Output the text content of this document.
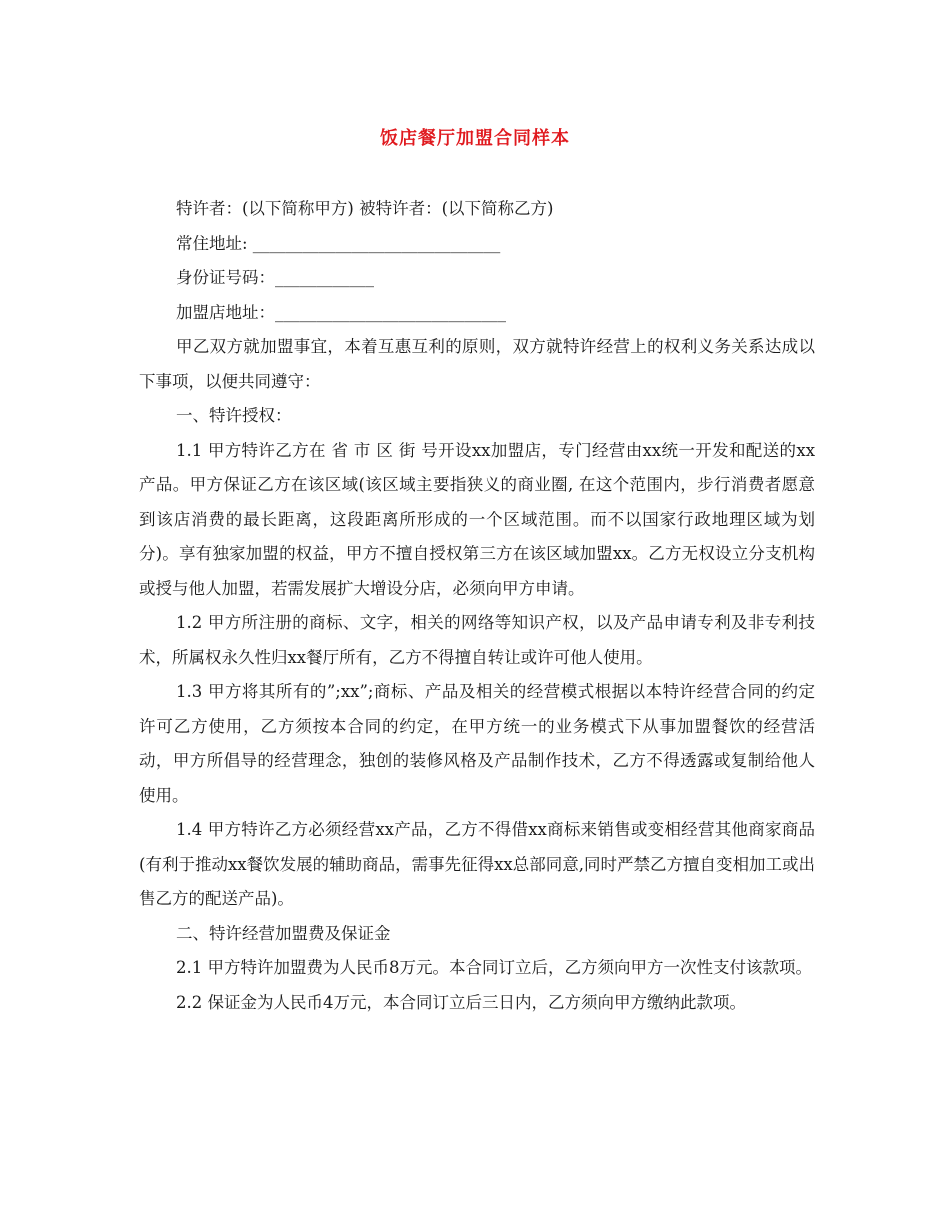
饭店餐厅加盟合同样本
特许者：(以下简称甲方) 被特许者：(以下简称乙方)
常住地址: ______________________________
身份证号码：____________
加盟店地址：____________________________

甲乙双方就加盟事宜，本着互惠互利的原则，双方就特许经营上的权利义务关系达成以下事项，以便共同遵守：

一、特许授权：

1.1 甲方特许乙方在 省 市 区 街 号开设xx加盟店，专门经营由xx统一开发和配送的xx产品。甲方保证乙方在该区域(该区域主要指狭义的商业圈, 在这个范围内，步行消费者愿意到该店消费的最长距离，这段距离所形成的一个区域范围。而不以国家行政地理区域为划分)。享有独家加盟的权益，甲方不擅自授权第三方在该区域加盟xx。乙方无权设立分支机构或授与他人加盟，若需发展扩大增设分店，必须向甲方申请。

1.2 甲方所注册的商标、文字，相关的网络等知识产权，以及产品申请专利及非专利技术，所属权永久性归xx餐厅所有，乙方不得擅自转让或许可他人使用。

1.3 甲方将其所有的”;xx”;商标、产品及相关的经营模式根据以本特许经营合同的约定许可乙方使用，乙方须按本合同的约定，在甲方统一的业务模式下从事加盟餐饮的经营活动，甲方所倡导的经营理念，独创的装修风格及产品制作技术，乙方不得透露或复制给他人使用。

1.4 甲方特许乙方必须经营xx产品，乙方不得借xx商标来销售或变相经营其他商家商品(有利于推动xx餐饮发展的辅助商品，需事先征得xx总部同意,同时严禁乙方擅自变相加工或出售乙方的配送产品)。

二、特许经营加盟费及保证金

2.1 甲方特许加盟费为人民币8万元。本合同订立后，乙方须向甲方一次性支付该款项。

2.2 保证金为人民币4万元，本合同订立后三日内，乙方须向甲方缴纳此款项。
